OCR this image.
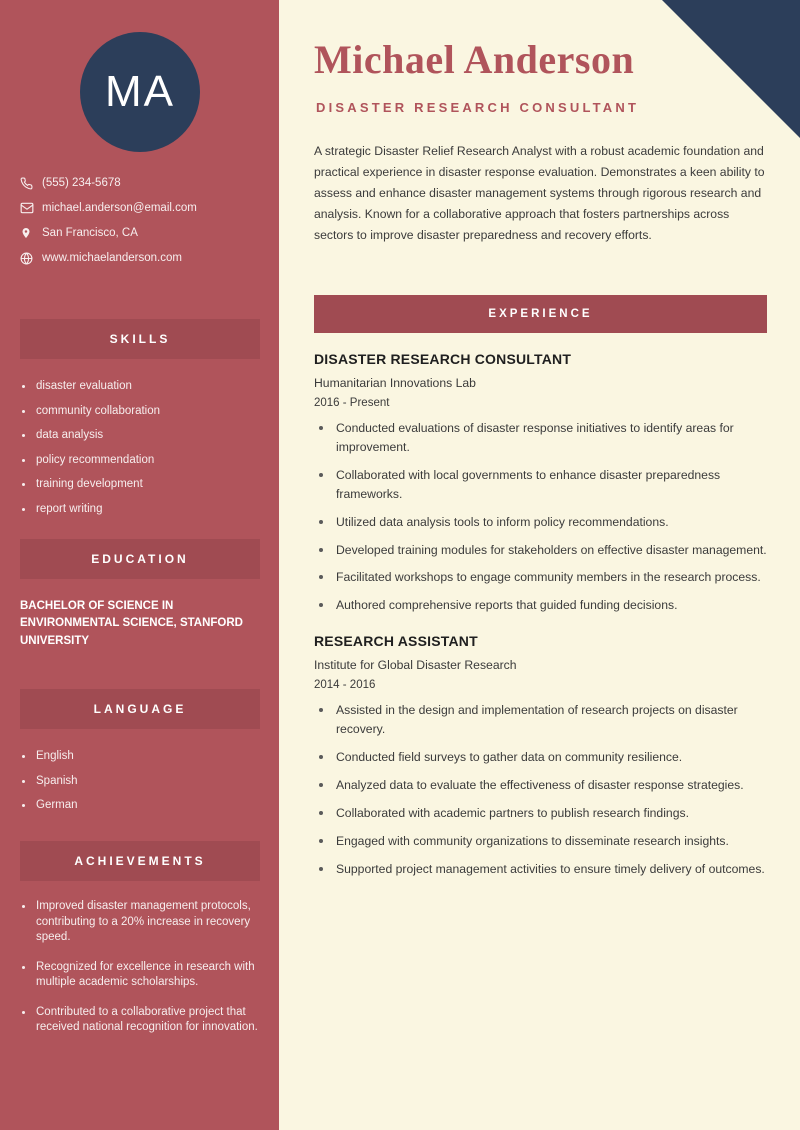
MA
(555) 234-5678
michael.anderson@email.com
San Francisco, CA
www.michaelanderson.com
SKILLS
disaster evaluation
community collaboration
data analysis
policy recommendation
training development
report writing
EDUCATION
BACHELOR OF SCIENCE IN ENVIRONMENTAL SCIENCE, STANFORD UNIVERSITY
LANGUAGE
English
Spanish
German
ACHIEVEMENTS
Improved disaster management protocols, contributing to a 20% increase in recovery speed.
Recognized for excellence in research with multiple academic scholarships.
Contributed to a collaborative project that received national recognition for innovation.
Michael Anderson
DISASTER RESEARCH CONSULTANT
A strategic Disaster Relief Research Analyst with a robust academic foundation and practical experience in disaster response evaluation. Demonstrates a keen ability to assess and enhance disaster management systems through rigorous research and analysis. Known for a collaborative approach that fosters partnerships across sectors to improve disaster preparedness and recovery efforts.
EXPERIENCE
DISASTER RESEARCH CONSULTANT
Humanitarian Innovations Lab
2016 - Present
Conducted evaluations of disaster response initiatives to identify areas for improvement.
Collaborated with local governments to enhance disaster preparedness frameworks.
Utilized data analysis tools to inform policy recommendations.
Developed training modules for stakeholders on effective disaster management.
Facilitated workshops to engage community members in the research process.
Authored comprehensive reports that guided funding decisions.
RESEARCH ASSISTANT
Institute for Global Disaster Research
2014 - 2016
Assisted in the design and implementation of research projects on disaster recovery.
Conducted field surveys to gather data on community resilience.
Analyzed data to evaluate the effectiveness of disaster response strategies.
Collaborated with academic partners to publish research findings.
Engaged with community organizations to disseminate research insights.
Supported project management activities to ensure timely delivery of outcomes.
